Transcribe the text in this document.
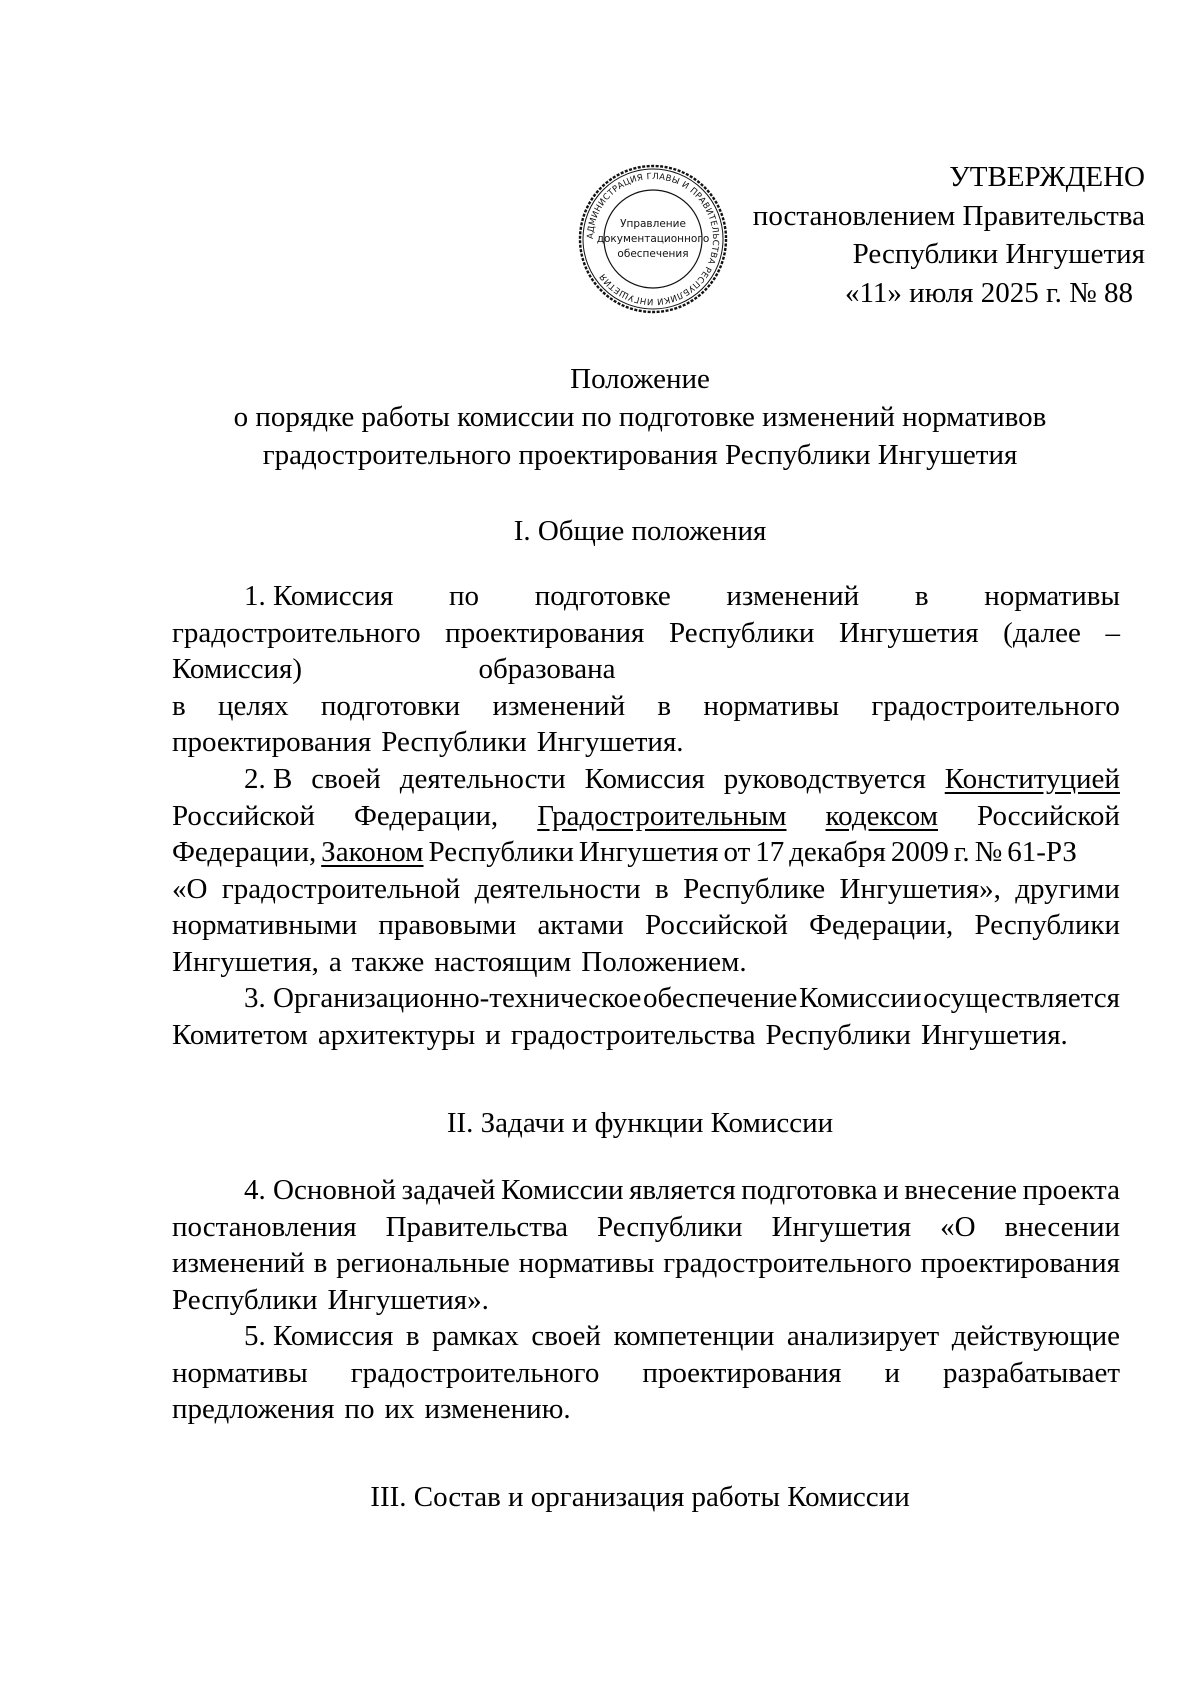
АДМИНИСТРАЦИЯ ГЛАВЫ И ПРАВИТЕЛЬСТВА РЕСПУБЛИКИ ИНГУШЕТИЯ
Управление
документационного
обеспечения
УТВЕРЖДЕНО
постановлением Правительства
Республики Ингушетия
«11» июля 2025 г. № 88
Положение
о порядке работы комиссии по подготовке изменений нормативов
градостроительного проектирования Республики Ингушетия
I. Общие положения
1. Комиссия по подготовке изменений в нормативы
градостроительного проектирования Республики Ингушетия (далее –
Комиссия)	образована
в целях подготовки изменений в нормативы градостроительного
проектирования Республики Ингушетия.
2. В своей деятельности Комиссия руководствуется Конституцией
Российской Федерации, Градостроительным кодексом Российской
Федерации, Законом Республики Ингушетия от 17 декабря 2009 г. № 61-РЗ
«О градостроительной деятельности в Республике Ингушетия», другими
нормативными правовыми актами Российской Федерации, Республики
Ингушетия, а также настоящим Положением.
3. Организационно-техническое обеспечение Комиссии осуществляется
Комитетом архитектуры и градостроительства Республики Ингушетия.
II. Задачи и функции Комиссии
4. Основной задачей Комиссии является подготовка и внесение проекта
постановления Правительства Республики Ингушетия «О внесении
изменений в региональные нормативы градостроительного проектирования
Республики Ингушетия».
5. Комиссия в рамках своей компетенции анализирует действующие
нормативы градостроительного проектирования и разрабатывает
предложения по их изменению.
III. Состав и организация работы Комиссии
